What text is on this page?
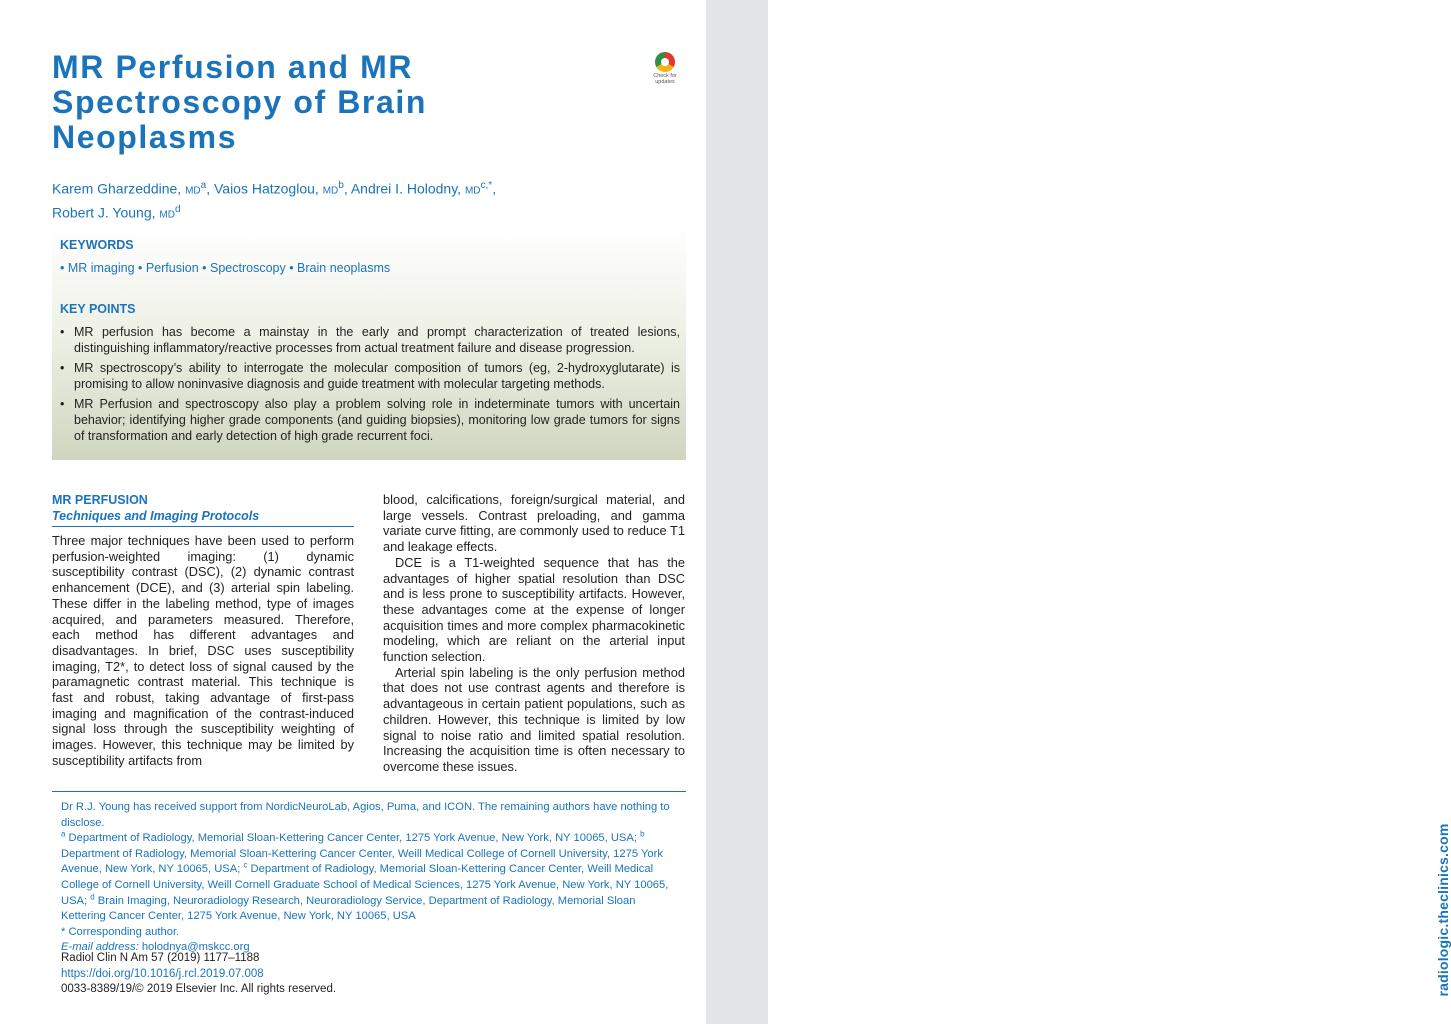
radiologic.theclinics.com
MR Perfusion and MR Spectroscopy of Brain Neoplasms
Check for updates

Karem Gharzeddine, $MD^a$, Vaios Hatzoglou, $MD^b$, Andrei I. Holodny, $MD^{c,*}$,
Robert J. Young, $MD^d$

KEYWORDS
• MR imaging • Perfusion • Spectroscopy • Brain neoplasms
KEY POINTS
• MR perfusion has become a mainstay in the early and prompt characterization of treated lesions, distinguishing inflammatory/reactive processes from actual treatment failure and disease progression.
• MR spectroscopy’s ability to interrogate the molecular composition of tumors (eg, 2-hydroxyglutarate) is promising to allow noninvasive diagnosis and guide treatment with molecular targeting methods.
• MR Perfusion and spectroscopy also play a problem solving role in indeterminate tumors with uncertain behavior; identifying higher grade components (and guiding biopsies), monitoring low grade tumors for signs of transformation and early detection of high grade recurrent foci.
MR PERFUSION
Techniques and Imaging Protocols

Three major techniques have been used to perform perfusion-weighted imaging: (1) dynamic susceptibility contrast (DSC), (2) dynamic contrast enhancement (DCE), and (3) arterial spin labeling. These differ in the labeling method, type of images acquired, and parameters measured. Therefore, each method has different advantages and disadvantages. In brief, DSC uses susceptibility imaging, T2*, to detect loss of signal caused by the paramagnetic contrast material. This technique is fast and robust, taking advantage of first-pass imaging and magnification of the contrast-induced signal loss through the susceptibility weighting of images. However, this technique may be limited by susceptibility artifacts from

blood, calcifications, foreign/surgical material, and large vessels. Contrast preloading, and gamma variate curve fitting, are commonly used to reduce T1 and leakage effects.

DCE is a T1-weighted sequence that has the advantages of higher spatial resolution than DSC and is less prone to susceptibility artifacts. However, these advantages come at the expense of longer acquisition times and more complex pharmacokinetic modeling, which are reliant on the arterial input function selection.

Arterial spin labeling is the only perfusion method that does not use contrast agents and therefore is advantageous in certain patient populations, such as children. However, this technique is limited by low signal to noise ratio and limited spatial resolution. Increasing the acquisition time is often necessary to overcome these issues.

Dr R.J. Young has received support from NordicNeuroLab, Agios, Puma, and ICON. The remaining authors have nothing to disclose.

$^a$ Department of Radiology, Memorial Sloan-Kettering Cancer Center, 1275 York Avenue, New York, NY 10065, USA; $^b$ Department of Radiology, Memorial Sloan-Kettering Cancer Center, Weill Medical College of Cornell University, 1275 York Avenue, New York, NY 10065, USA; $^c$ Department of Radiology, Memorial Sloan-Kettering Cancer Center, Weill Medical College of Cornell University, Weill Cornell Graduate School of Medical Sciences, 1275 York Avenue, New York, NY 10065, USA; $^d$ Brain Imaging, Neuroradiology Research, Neuroradiology Service, Department of Radiology, Memorial Sloan Kettering Cancer Center, 1275 York Avenue, New York, NY 10065, USA

* Corresponding author.

E-mail address: holodnya@mskcc.org

Radiol Clin N Am 57 (2019) 1177–1188

https://doi.org/10.1016/j.rcl.2019.07.008

0033-8389/19/© 2019 Elsevier Inc. All rights reserved.
